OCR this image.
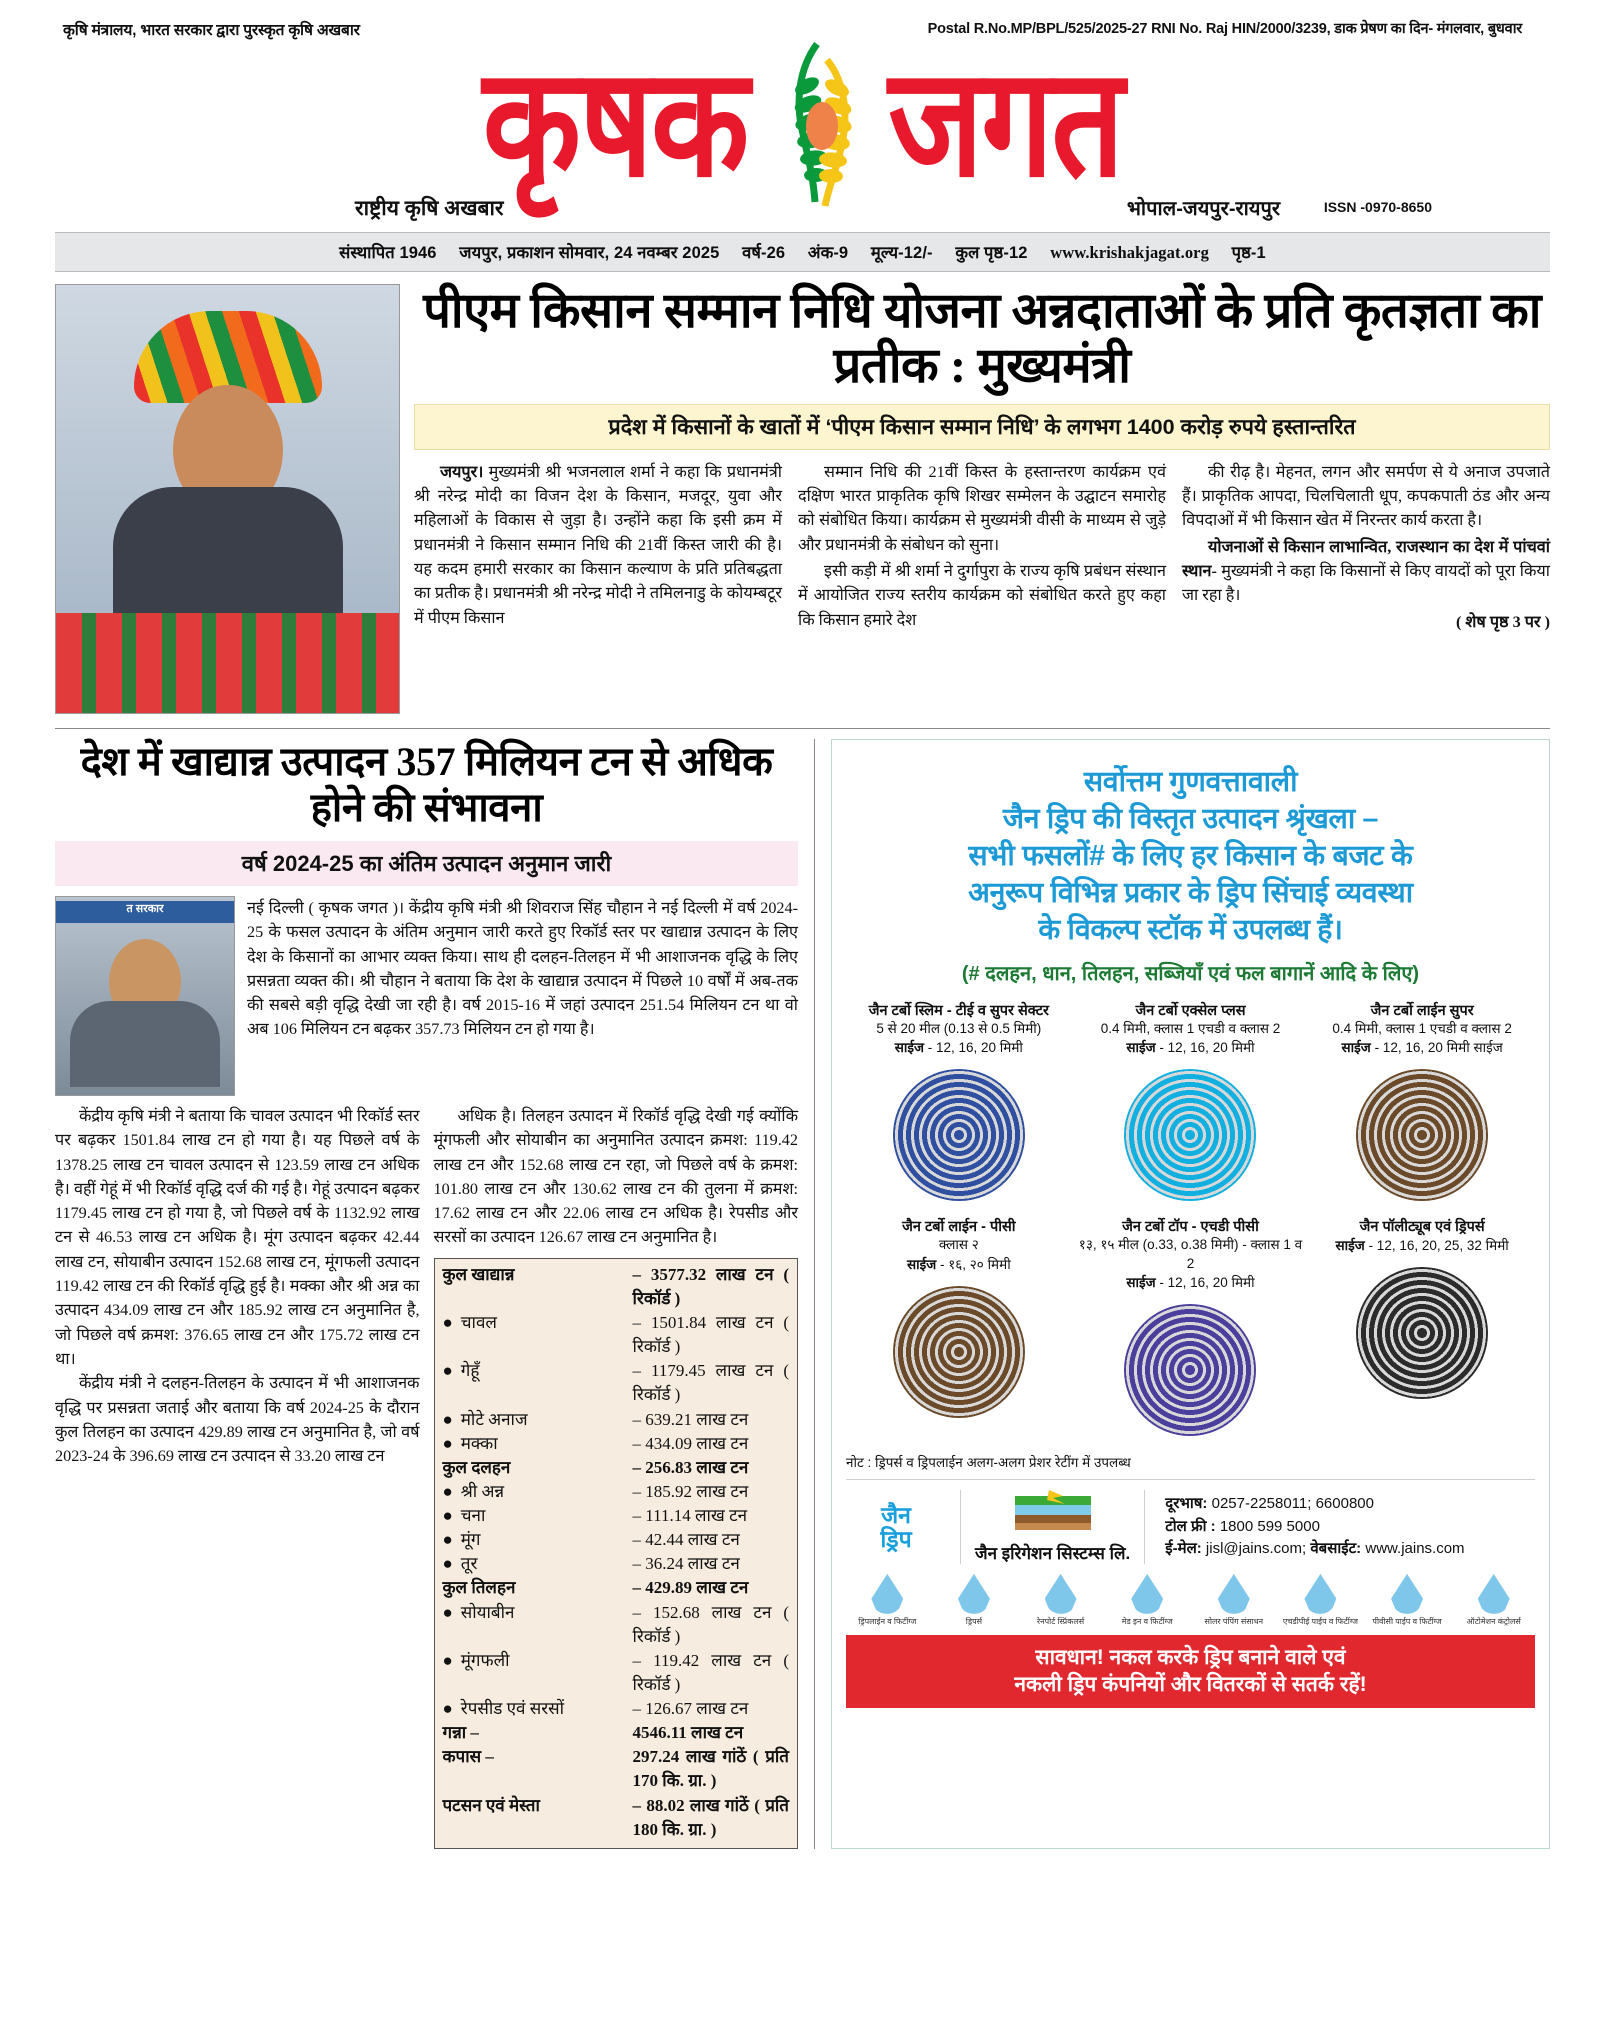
कृषि मंत्रालय, भारत सरकार द्वारा पुरस्कृत कृषि अखबार	Postal R.No.MP/BPL/525/2025-27 RNI No. Raj HIN/2000/3239, डाक प्रेषण का दिन- मंगलवार, बुधवार
कृषक जगत
राष्ट्रीय कृषि अखबार	भोपाल-जयपुर-रायपुर	ISSN -0970-8650
संस्थापित 1946 जयपुर, प्रकाशन सोमवार, 24 नवम्बर 2025 वर्ष-26 अंक-9 मूल्य-12/- कुल पृष्ठ-12 www.krishakjagat.org पृष्ठ-1
पीएम किसान सम्मान निधि योजना अन्नदाताओं के प्रति कृतज्ञता का प्रतीक : मुख्यमंत्री
प्रदेश में किसानों के खातों में ‘पीएम किसान सम्मान निधि’ के लगभग 1400 करोड़ रुपये हस्तान्तरित

जयपुर। मुख्यमंत्री श्री भजनलाल शर्मा ने कहा कि प्रधानमंत्री श्री नरेन्द्र मोदी का विजन देश के किसान, मजदूर, युवा और महिलाओं के विकास से जुड़ा है। उन्होंने कहा कि इसी क्रम में प्रधानमंत्री ने किसान सम्मान निधि की 21वीं किस्त जारी की है। यह कदम हमारी सरकार का किसान कल्याण के प्रति प्रतिबद्धता का प्रतीक है। प्रधानमंत्री श्री नरेन्द्र मोदी ने तमिलनाडु के कोयम्बटूर में पीएम किसान

सम्मान निधि की 21वीं किस्त के हस्तान्तरण कार्यक्रम एवं दक्षिण भारत प्राकृतिक कृषि शिखर सम्मेलन के उद्घाटन समारोह को संबोधित किया। कार्यक्रम से मुख्यमंत्री वीसी के माध्यम से जुड़े और प्रधानमंत्री के संबोधन को सुना।

इसी कड़ी में श्री शर्मा ने दुर्गापुरा के राज्य कृषि प्रबंधन संस्थान में आयोजित राज्य स्तरीय कार्यक्रम को संबोधित करते हुए कहा कि किसान हमारे देश

की रीढ़ है। मेहनत, लगन और समर्पण से ये अनाज उपजाते हैं। प्राकृतिक आपदा, चिलचिलाती धूप, कपकपाती ठंड और अन्य विपदाओं में भी किसान खेत में निरन्तर कार्य करता है।

योजनाओं से किसान लाभान्वित, राजस्थान का देश में पांचवां स्थान- मुख्यमंत्री ने कहा कि किसानों से किए वायदों को पूरा किया जा रहा है।

( शेष पृष्ठ 3 पर )
देश में खाद्यान्न उत्पादन 357 मिलियन टन से अधिक होने की संभावना
वर्ष 2024-25 का अंतिम उत्पादन अनुमान जारी
त सरकार	नई दिल्ली ( कृषक जगत )। केंद्रीय कृषि मंत्री श्री शिवराज सिंह चौहान ने नई दिल्ली में वर्ष 2024-25 के फसल उत्पादन के अंतिम अनुमान जारी करते हुए रिकॉर्ड स्तर पर खाद्यान्न उत्पादन के लिए देश के किसानों का आभार व्यक्त किया। साथ ही दलहन-तिलहन में भी आशाजनक वृद्धि के लिए प्रसन्नता व्यक्त की। श्री चौहान ने बताया कि देश के खाद्यान्न उत्पादन में पिछले 10 वर्षों में अब-तक की सबसे बड़ी वृद्धि देखी जा रही है। वर्ष 2015-16 में जहां उत्पादन 251.54 मिलियन टन था वो अब 106 मिलियन टन बढ़कर 357.73 मिलियन टन हो गया है।

केंद्रीय कृषि मंत्री ने बताया कि चावल उत्पादन भी रिकॉर्ड स्तर पर बढ़कर 1501.84 लाख टन हो गया है। यह पिछले वर्ष के 1378.25 लाख टन चावल उत्पादन से 123.59 लाख टन अधिक है। वहीं गेहूं में भी रिकॉर्ड वृद्धि दर्ज की गई है। गेहूं उत्पादन बढ़कर 1179.45 लाख टन हो गया है, जो पिछले वर्ष के 1132.92 लाख टन से 46.53 लाख टन अधिक है। मूंग उत्पादन बढ़कर 42.44 लाख टन, सोयाबीन उत्पादन 152.68 लाख टन, मूंगफली उत्पादन 119.42 लाख टन की रिकॉर्ड वृद्धि हुई है। मक्का और श्री अन्न का उत्पादन 434.09 लाख टन और 185.92 लाख टन अनुमानित है, जो पिछले वर्ष क्रमश: 376.65 लाख टन और 175.72 लाख टन था।

केंद्रीय मंत्री ने दलहन-तिलहन के उत्पादन में भी आशाजनक वृद्धि पर प्रसन्नता जताई और बताया कि वर्ष 2024-25 के दौरान कुल तिलहन का उत्पादन 429.89 लाख टन अनुमानित है, जो वर्ष 2023-24 के 396.69 लाख टन उत्पादन से 33.20 लाख टन

अधिक है। तिलहन उत्पादन में रिकॉर्ड वृद्धि देखी गई क्योंकि मूंगफली और सोयाबीन का अनुमानित उत्पादन क्रमश: 119.42 लाख टन और 152.68 लाख टन रहा, जो पिछले वर्ष के क्रमश: 101.80 लाख टन और 130.62 लाख टन की तुलना में क्रमश: 17.62 लाख टन और 22.06 लाख टन अधिक है। रेपसीड और सरसों का उत्पादन 126.67 लाख टन अनुमानित है।

कुल खाद्यान्न	– 3577.32 लाख टन ( रिकॉर्ड )
● चावल	– 1501.84 लाख टन ( रिकॉर्ड )
● गेहूँ	– 1179.45 लाख टन ( रिकॉर्ड )
● मोटे अनाज	– 639.21 लाख टन
● मक्का	– 434.09 लाख टन
कुल दलहन	– 256.83 लाख टन
● श्री अन्न	– 185.92 लाख टन
● चना	– 111.14 लाख टन
● मूंग	– 42.44 लाख टन
● तूर	– 36.24 लाख टन
कुल तिलहन	– 429.89 लाख टन
● सोयाबीन	– 152.68 लाख टन ( रिकॉर्ड )
● मूंगफली	– 119.42 लाख टन ( रिकॉर्ड )
● रेपसीड एवं सरसों	– 126.67 लाख टन
गन्ना –	4546.11 लाख टन
कपास –	297.24 लाख गांठें ( प्रति 170 कि. ग्रा. )
पटसन एवं मेस्ता	– 88.02 लाख गांठें ( प्रति 180 कि. ग्रा. )
सर्वोत्तम गुणवत्तावाली
जैन ड्रिप की विस्तृत उत्पादन श्रृंखला –
सभी फसलों# के लिए हर किसान के बजट के
अनुरूप विभिन्न प्रकार के ड्रिप सिंचाई व्यवस्था
के विकल्प स्टॉक में उपलब्ध हैं।
(# दलहन, धान, तिलहन, सब्जियाँ एवं फल बागानें आदि के लिए)
जैन टर्बो स्लिम - टीई व सुपर सेक्टर
5 से 20 मील (0.13 से 0.5 मिमी)
साईज - 12, 16, 20 मिमी
जैन टर्बो एक्सेल प्लस
0.4 मिमी, क्लास 1 एचडी व क्लास 2
साईज - 12, 16, 20 मिमी
जैन टर्बो लाईन सुपर
0.4 मिमी, क्लास 1 एचडी व क्लास 2
साईज - 12, 16, 20 मिमी साईज
जैन टर्बो लाईन - पीसी
क्लास २
साईज - १६, २० मिमी
जैन टर्बो टॉप - एचडी पीसी
१३, १५ मील (o.33, o.38 मिमी) - क्लास 1 व 2
साईज - 12, 16, 20 मिमी
जैन पॉलीट्यूब एवं ड्रिपर्स
साईज - 12, 16, 20, 25, 32 मिमी
नोट : ड्रिपर्स व ड्रिपलाईन अलग-अलग प्रेशर रेटींग में उपलब्ध
जैन
ड्रिप
जैन इरिगेशन सिस्टम्स लि.
दूरभाष: 0257-2258011; 6600800
टोल फ्री : 1800 599 5000
ई-मेल: jisl@jains.com; वेबसाईट: www.jains.com
ड्रिपलाईन व फिटींग्ज	ड्रिपर्स	रेनपोर्ट स्प्रिंकलर्स	मेड इन व फिटींग्ज	सोलर पंपिंग संसाधन	एचडीपीई पाईप व फिटींग्ज	पीवीसी पाईप व फिटींग्ज	ऑटोमेशन कंट्रोलर्स
सावधान! नकल करके ड्रिप बनाने वाले एवं
नकली ड्रिप कंपनियों और वितरकों से सतर्क रहें!
